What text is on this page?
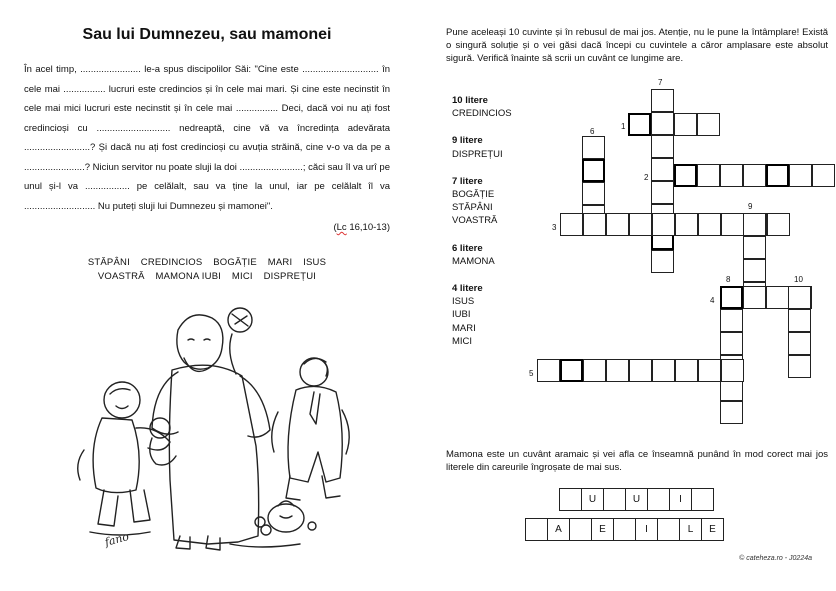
Sau lui Dumnezeu, sau mamonei
În acel timp, ....................... le-a spus discipolilor Săi: "Cine este ............................. în cele mai ................ lucruri este credincios și în cele mai mari. Și cine este necinstit în cele mai mici lucruri este necinstit și în cele mai ................ Deci, dacă voi nu ați fost credincioși cu ............................ nedreaptă, cine vă va încredința adevărata .........................? Și dacă nu ați fost credincioși cu avuția străină, cine v-o va da pe a .......................? Niciun servitor nu poate sluji la doi ........................; căci sau îl va urî pe unul și-l va ................. pe celălalt, sau va ține la unul, iar pe celălalt îl va ........................... Nu puteți sluji lui Dumnezeu și mamonei".
(Lc 16,10-13)
STĂPÂNI CREDINCIOS BOGĂȚIE MARI ISUS
VOASTRĂ MAMONA IUBI MICI DISPREȚUI
fano
Pune aceleași 10 cuvinte și în rebusul de mai jos. Atenție, nu le pune la întâmplare! Există o singură soluție și o vei găsi dacă începi cu cuvintele a căror amplasare este absolut sigură. Verifică înainte să scrii un cuvânt ce lungime are.
10 litere
CREDINCIOS
9 litere
DISPREȚUI
7 litere
BOGĂȚIE
STĂPÂNI
VOASTRĂ
6 litere
MAMONA
4 litere
ISUS
IUBI
MARI
MICI
1
2
3
4
5
6
7
8
9
10
Mamona este un cuvânt aramaic și vei afla ce înseamnă punând în mod corect mai jos literele din careurile îngroșate de mai sus.
U	U	I
A	E	I	L	E
© cateheza.ro - J0224a
